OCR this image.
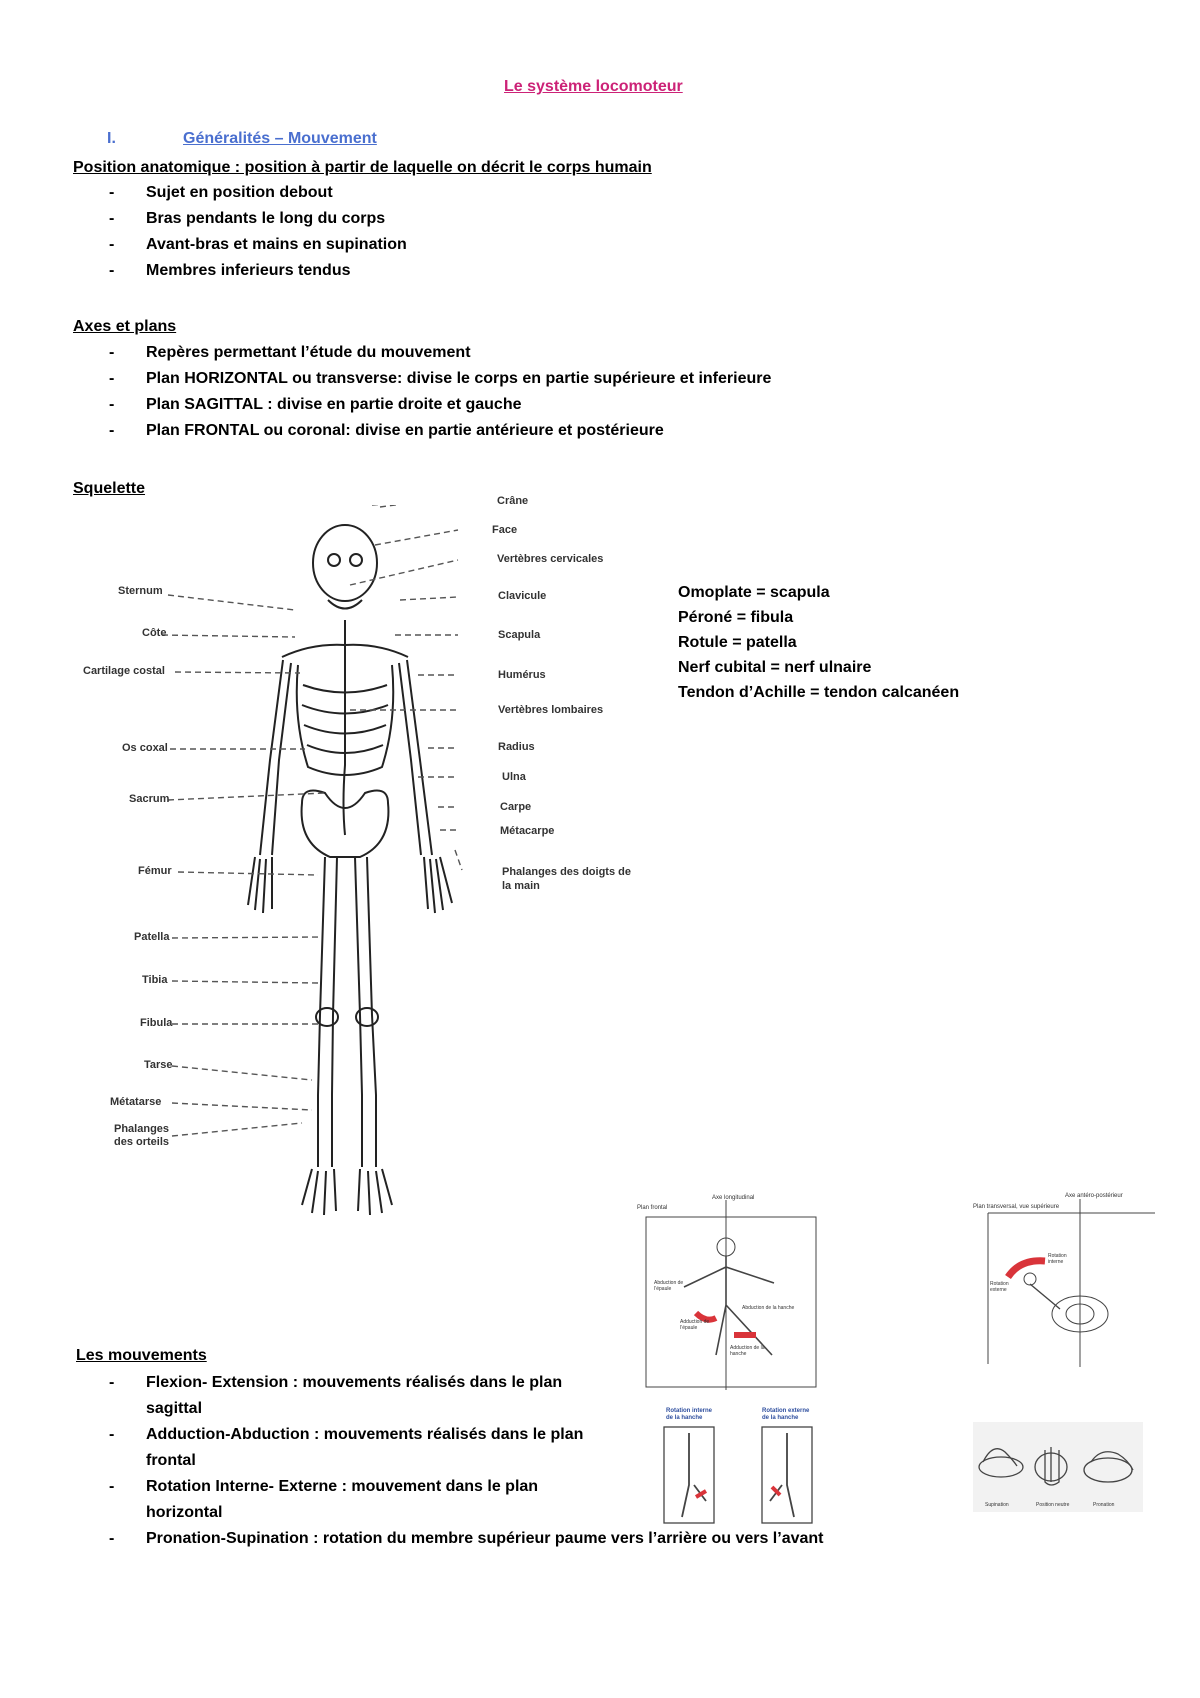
Le système locomoteur
I.	Généralités – Mouvement
Position anatomique : position à partir de laquelle on décrit le corps humain
- Sujet en position debout
- Bras pendants le long du corps
- Avant-bras et mains en supination
- Membres inferieurs tendus
Axes et plans
- Repères permettant l’étude du mouvement
- Plan HORIZONTAL ou transverse: divise le corps en partie supérieure et inferieure
- Plan SAGITTAL : divise en partie droite et gauche
- Plan FRONTAL ou coronal: divise en partie antérieure et postérieure
Squelette
Sternum
Côte
Cartilage costal
Os coxal
Sacrum
Fémur
Patella
Tibia
Fibula
Tarse
Métatarse
Phalanges des orteils
Crâne
Face
Vertèbres cervicales
Clavicule
Scapula
Humérus
Vertèbres lombaires
Radius
Ulna
Carpe
Métacarpe
Phalanges des doigts de la main
Omoplate = scapula
Péroné = fibula
Rotule = patella
Nerf cubital = nerf ulnaire
Tendon d’Achille = tendon calcanéen
Axe longitudinal
Plan frontal
Abduction de l’épaule
Adduction de l’épaule
Abduction de la hanche
Adduction de la hanche
Axe antéro-postérieur
Plan transversal, vue supérieure
Rotation interne
Rotation externe
Rotation interne de la hanche
Rotation externe de la hanche
Supination	Position neutre	Pronation
Les mouvements
- Flexion- Extension : mouvements réalisés dans le plan sagittal
- Adduction-Abduction : mouvements réalisés dans le plan frontal
- Rotation Interne- Externe : mouvement dans le plan horizontal
- Pronation-Supination : rotation du membre supérieur paume vers l’arrière ou vers l’avant
